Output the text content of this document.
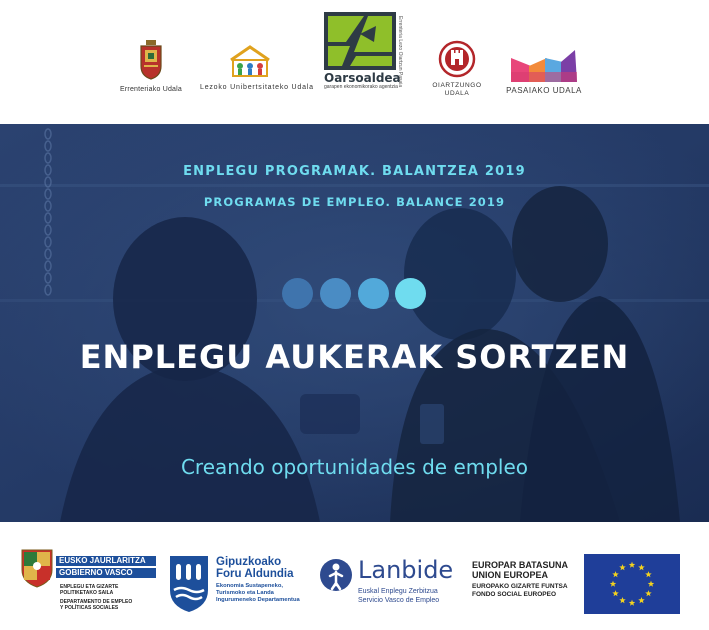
Errenteriako Udala	Lezoko Unibertsitateko Udala
Oarsoaldea
garapen ekonomikorako agentzia Errenteria Lezo Oiartzun Pasaia	OIARTZUNGO
UDALA	PASAIAKO UDALA
ENPLEGU PROGRAMAK. BALANTZEA 2019
PROGRAMAS DE EMPLEO. BALANCE 2019
ENPLEGU AUKERAK SORTZEN
Creando oportunidades de empleo
EUSKO JAURLARITZA
GOBIERNO VASCO
ENPLEGU ETA GIZARTE
POLITIKETAKO SAILA
DEPARTAMENTO DE EMPLEO
Y POLÍTICAS SOCIALES
Gipuzkoako
Foru Aldundia
Ekonomia Sustapeneko,
Turismoko eta Landa
Ingurumeneko Departamentua
Lanbide
Euskal Enplegu Zerbitzua
Servicio Vasco de Empleo
EUROPAR BATASUNA
UNION EUROPEA
EUROPAKO GIZARTE FUNTSA
FONDO SOCIAL EUROPEO
